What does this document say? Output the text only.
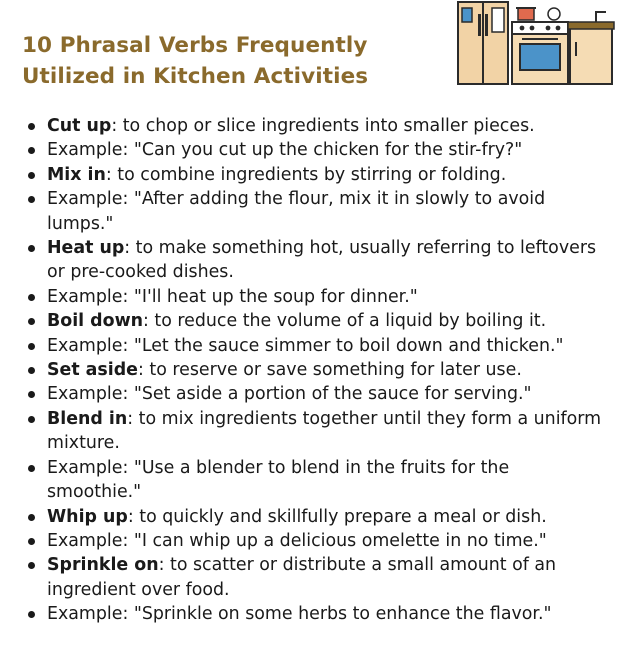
10 Phrasal Verbs Frequently
Utilized in Kitchen Activities
Cut up: to chop or slice ingredients into smaller pieces.
Example: "Can you cut up the chicken for the stir-fry?"
Mix in: to combine ingredients by stirring or folding.
Example: "After adding the flour, mix it in slowly to avoid lumps."
Heat up: to make something hot, usually referring to leftovers or pre-cooked dishes.
Example: "I'll heat up the soup for dinner."
Boil down: to reduce the volume of a liquid by boiling it.
Example: "Let the sauce simmer to boil down and thicken."
Set aside: to reserve or save something for later use.
Example: "Set aside a portion of the sauce for serving."
Blend in: to mix ingredients together until they form a uniform mixture.
Example: "Use a blender to blend in the fruits for the smoothie."
Whip up: to quickly and skillfully prepare a meal or dish.
Example: "I can whip up a delicious omelette in no time."
Sprinkle on: to scatter or distribute a small amount of an ingredient over food.
Example: "Sprinkle on some herbs to enhance the flavor."
